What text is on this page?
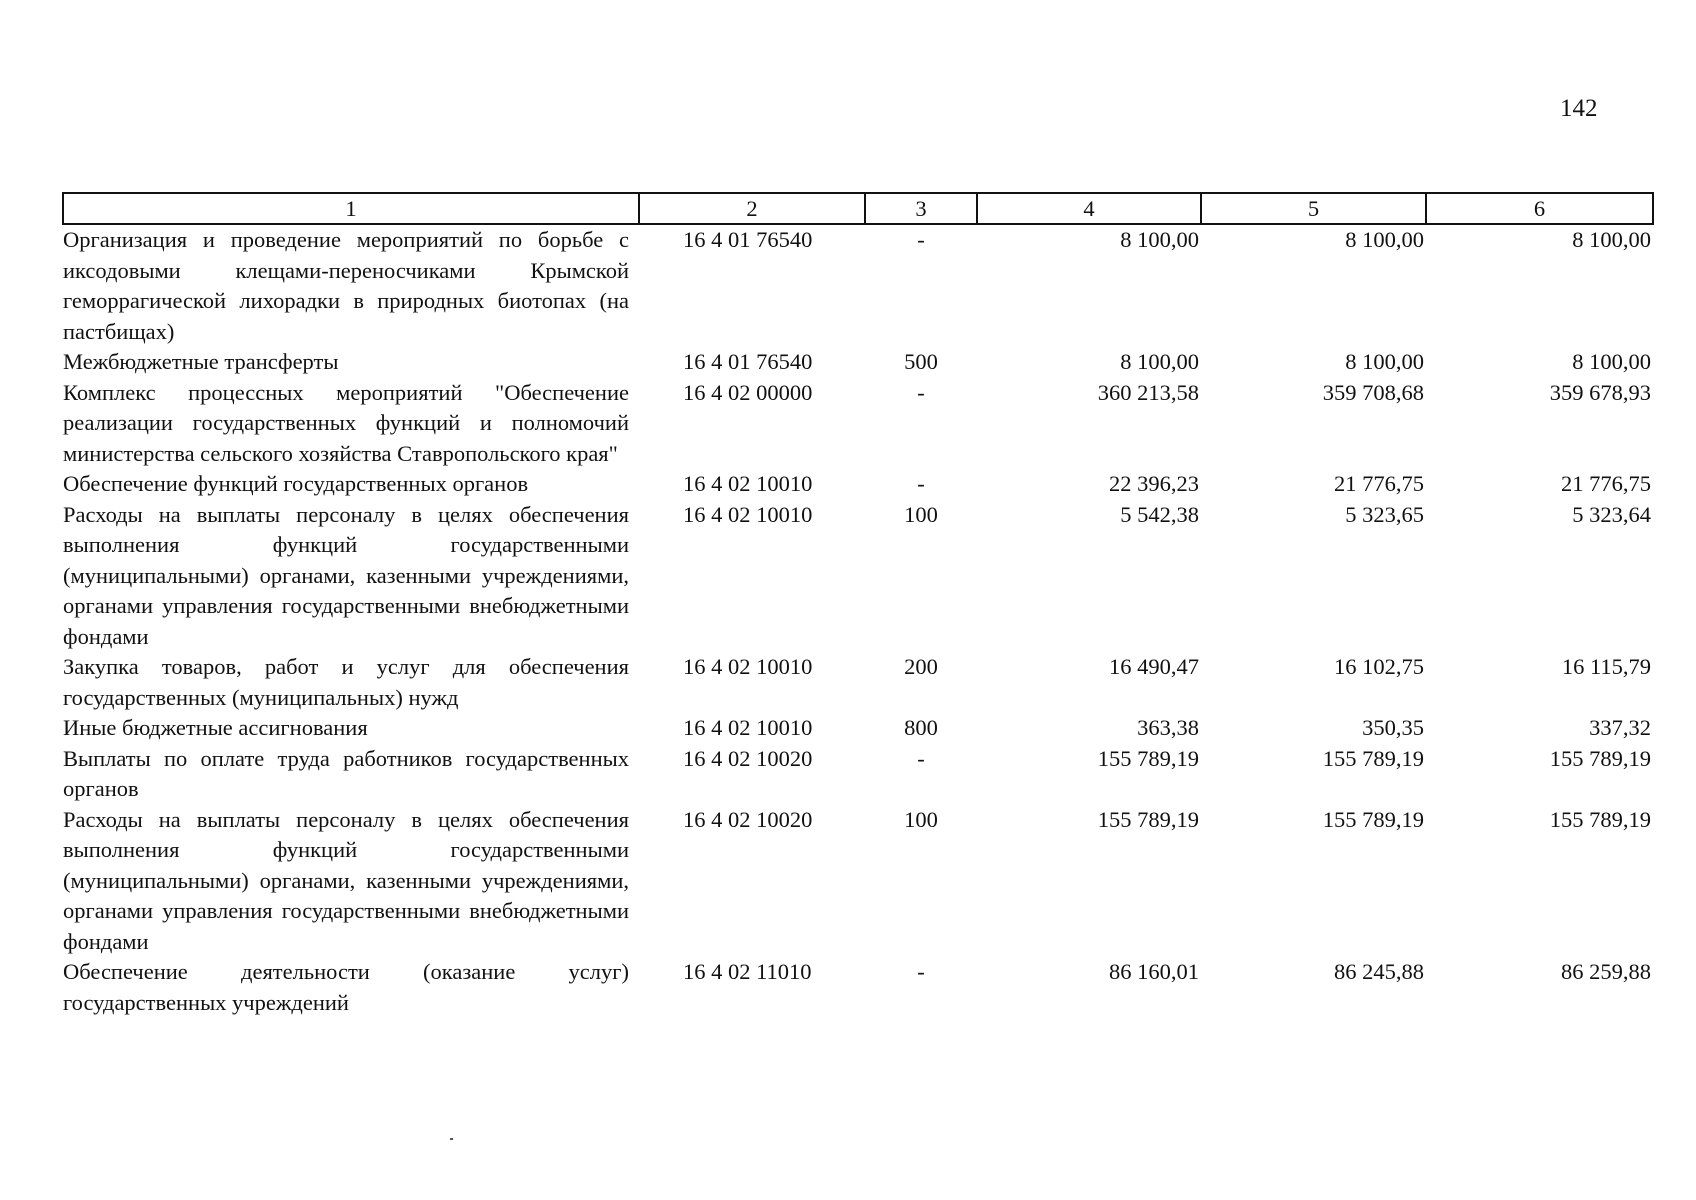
142
1	2	3	4	5	6
Организация и проведение мероприятий по борьбе с иксодовыми клещами-переносчиками Крымской геморрагической лихорадки в природных биотопах (на пастбищах)	16 4 01 76540	-	8 100,00	8 100,00	8 100,00
Межбюджетные трансферты	16 4 01 76540	500	8 100,00	8 100,00	8 100,00
Комплекс процессных мероприятий "Обеспечение реализации государственных функций и полномочий министерства сельского хозяйства Ставропольского края"	16 4 02 00000	-	360 213,58	359 708,68	359 678,93
Обеспечение функций государственных органов	16 4 02 10010	-	22 396,23	21 776,75	21 776,75
Расходы на выплаты персоналу в целях обеспечения выполнения функций государственными (муниципальными) органами, казенными учреждениями, органами управления государственными внебюджетными фондами	16 4 02 10010	100	5 542,38	5 323,65	5 323,64
Закупка товаров, работ и услуг для обеспечения государственных (муниципальных) нужд	16 4 02 10010	200	16 490,47	16 102,75	16 115,79
Иные бюджетные ассигнования	16 4 02 10010	800	363,38	350,35	337,32
Выплаты по оплате труда работников государственных органов	16 4 02 10020	-	155 789,19	155 789,19	155 789,19
Расходы на выплаты персоналу в целях обеспечения выполнения функций государственными (муниципальными) органами, казенными учреждениями, органами управления государственными внебюджетными фондами	16 4 02 10020	100	155 789,19	155 789,19	155 789,19
Обеспечение деятельности (оказание услуг) государственных учреждений	16 4 02 11010	-	86 160,01	86 245,88	86 259,88
